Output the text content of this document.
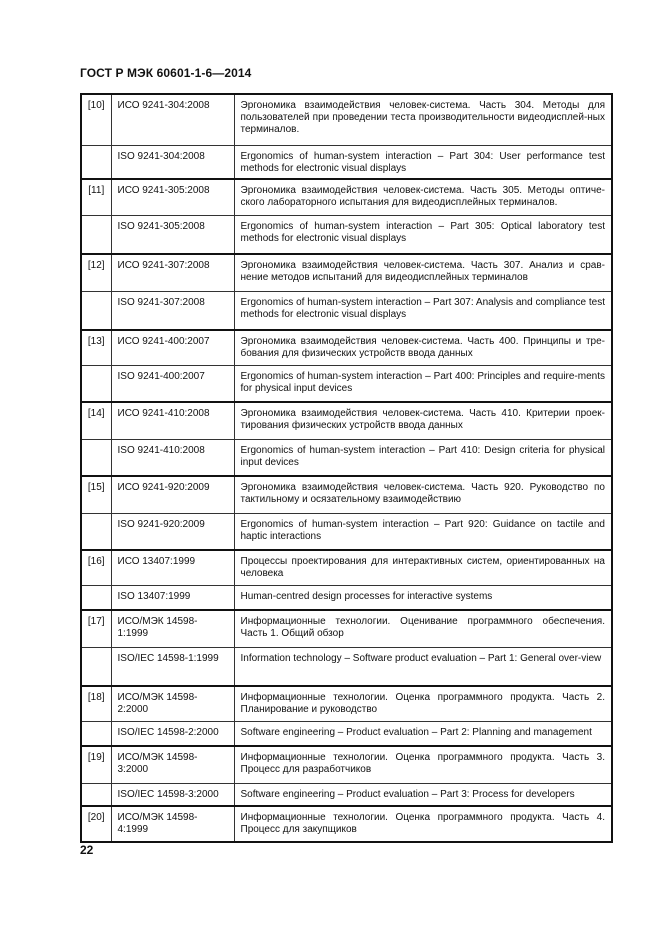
ГОСТ Р МЭК 60601-1-6—2014
[10]	ИСО 9241-304:2008	Эргономика взаимодействия человек-система. Часть 304. Методы для пользователей при проведении теста производительности видеодисплей-ных терминалов.
	ISO 9241-304:2008	Ergonomics of human-system interaction – Part 304: User performance test methods for electronic visual displays
[11]	ИСО 9241-305:2008	Эргономика взаимодействия человек-система. Часть 305. Методы оптиче-ского лабораторного испытания для видеодисплейных терминалов.
	ISO 9241-305:2008	Ergonomics of human-system interaction – Part 305: Optical laboratory test methods for electronic visual displays
[12]	ИСО 9241-307:2008	Эргономика взаимодействия человек-система. Часть 307. Анализ и срав-нение методов испытаний для видеодисплейных терминалов
	ISO 9241-307:2008	Ergonomics of human-system interaction – Part 307: Analysis and compliance test methods for electronic visual displays
[13]	ИСО 9241-400:2007	Эргономика взаимодействия человек-система. Часть 400. Принципы и тре-бования для физических устройств ввода данных
	ISO 9241-400:2007	Ergonomics of human-system interaction – Part 400: Principles and require-ments for physical input devices
[14]	ИСО 9241-410:2008	Эргономика взаимодействия человек-система. Часть 410. Критерии проек-тирования физических устройств ввода данных
	ISO 9241-410:2008	Ergonomics of human-system interaction – Part 410: Design criteria for physical input devices
[15]	ИСО 9241-920:2009	Эргономика взаимодействия человек-система. Часть 920. Руководство по тактильному и осязательному взаимодействию
	ISO 9241-920:2009	Ergonomics of human-system interaction – Part 920: Guidance on tactile and haptic interactions
[16]	ИСО 13407:1999	Процессы проектирования для интерактивных систем, ориентированных на человека
	ISO 13407:1999	Human-centred design processes for interactive systems
[17]	ИСО/МЭК 14598-1:1999	Информационные технологии. Оценивание программного обеспечения. Часть 1. Общий обзор
	ISO/IEC 14598-1:1999	Information technology – Software product evaluation – Part 1: General over-view
[18]	ИСО/МЭК 14598-2:2000	Информационные технологии. Оценка программного продукта. Часть 2. Планирование и руководство
	ISO/IEC 14598-2:2000	Software engineering – Product evaluation – Part 2: Planning and management
[19]	ИСО/МЭК 14598-3:2000	Информационные технологии. Оценка программного продукта. Часть 3. Процесс для разработчиков
	ISO/IEC 14598-3:2000	Software engineering – Product evaluation – Part 3: Process for developers
[20]	ИСО/МЭК 14598-4:1999	Информационные технологии. Оценка программного продукта. Часть 4. Процесс для закупщиков
22
